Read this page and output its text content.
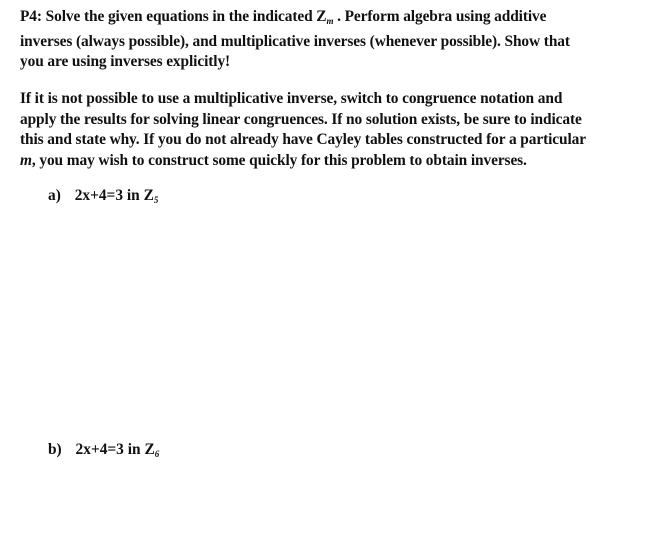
P4: Solve the given equations in the indicated $Z_m$ . Perform algebra using additive
inverses (always possible), and multiplicative inverses (whenever possible). Show that
you are using inverses explicitly!
If it is not possible to use a multiplicative inverse, switch to congruence notation and
apply the results for solving linear congruences. If no solution exists, be sure to indicate
this and state why. If you do not already have Cayley tables constructed for a particular
m, you may wish to construct some quickly for this problem to obtain inverses.
a) 2x+4=3 in $Z_5$
b) 2x+4=3 in $Z_6$
